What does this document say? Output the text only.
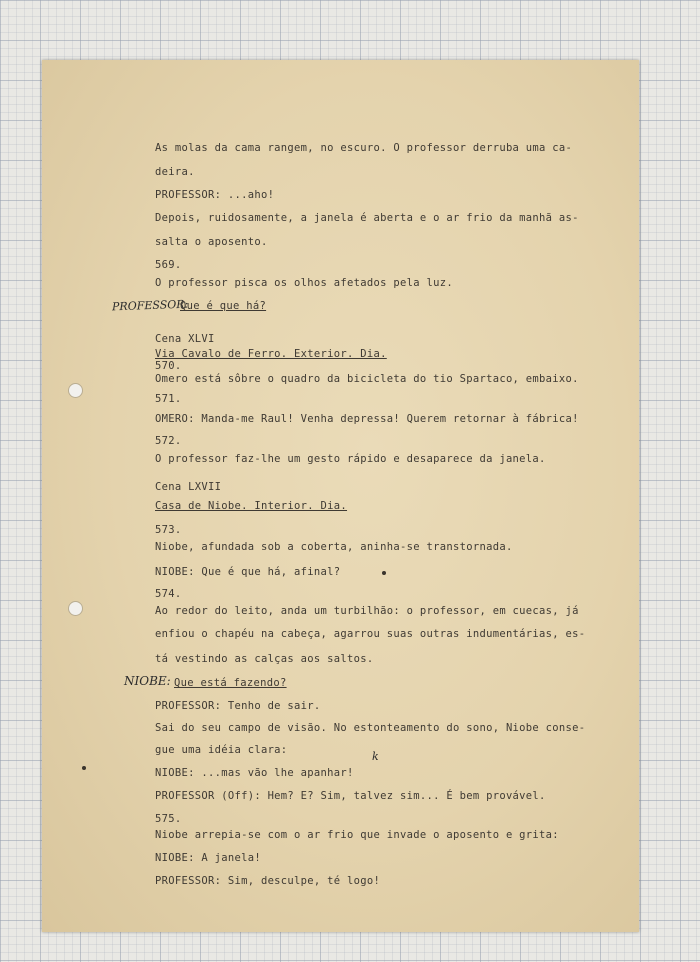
As molas da cama rangem, no escuro. O professor derruba uma ca-
deira.
PROFESSOR: ...aho!
Depois, ruidosamente, a janela é aberta e o ar frio da manhã as-
salta o aposento.
569.
O professor pisca os olhos afetados pela luz.
PROFESSOR:
Que é que há?
Cena XLVI
Via Cavalo de Ferro. Exterior. Dia.
570.
Omero está sôbre o quadro da bicicleta do tio Spartaco, embaixo.
571.
OMERO: Manda-me Raul! Venha depressa! Querem retornar à fábrica!
572.
O professor faz-lhe um gesto rápido e desaparece da janela.
Cena LXVII
Casa de Niobe. Interior. Dia.
573.
Niobe, afundada sob a coberta, aninha-se transtornada.
NIOBE: Que é que há, afinal?
574.
Ao redor do leito, anda um turbilhão: o professor, em cuecas, já
enfiou o chapéu na cabeça, agarrou suas outras indumentárias, es-
tá vestindo as calças aos saltos.
NIOBE: Que está fazendo?
PROFESSOR: Tenho de sair.
Sai do seu campo de visão. No estonteamento do sono, Niobe conse-
gue uma idéia clara:
NIOBE: ...mas vão lhe apanhar!
PROFESSOR (Off): Hem? E? Sim, talvez sim... É bem provável.
575.
Niobe arrepia-se com o ar frio que invade o aposento e grita:
NIOBE: A janela!
PROFESSOR: Sim, desculpe, té logo!
k
